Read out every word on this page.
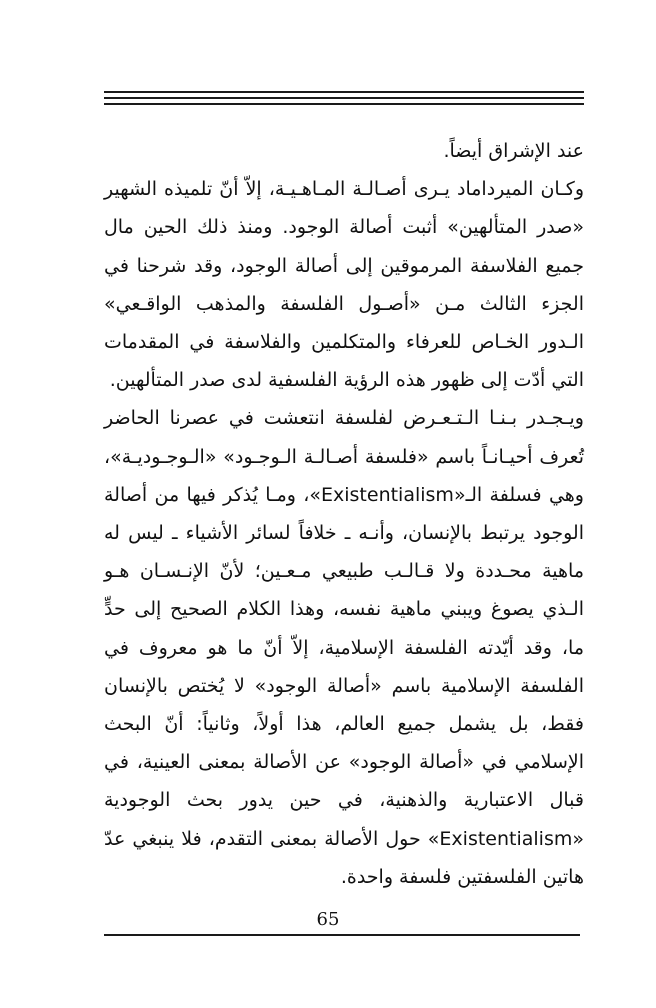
عند الإشراق أيضاً.

وكـان الميرداماد يـرى أصـالـة المـاهـيـة، إلاّ أنّ تلميذه الشهير «صدر المتألهين» أثبت أصالة الوجود. ومنذ ذلك الحين مال جميع الفلاسفة المرموقين إلى أصالة الوجود، وقد شرحنا في الجزء الثالث مـن «أصـول الفلسفة والمذهب الواقـعي» الـدور الخـاص للعرفاء والمتكلمين والفلاسفة في المقدمات التي أدّت إلى ظهور هذه الرؤية الفلسفية لدى صدر المتألهين.

ويـجـدر بـنـا الـتـعـرض لفلسفة انتعشت في عصرنا الحاضر تُعرف أحيـانـاً باسم «فلسفة أصـالـة الـوجـود» «الـوجـوديـة»، وهي فسلفة الـ«Existentialism»، ومـا يُذكر فيها من أصالة الوجود يرتبط بالإنسان، وأنـه ـ خلافاً لسائر الأشياء ـ ليس له ماهية محـددة ولا قـالـب طبيعي مـعـين؛ لأنّ الإنـسـان هـو الـذي يصوغ ويبني ماهية نفسه، وهذا الكلام الصحيح إلى حدٍّ ما، وقد أيّدته الفلسفة الإسلامية، إلاّ أنّ ما هو معروف في الفلسفة الإسلامية باسم «أصالة الوجود» لا يُختص بالإنسان فقط، بل يشمل جميع العالم، هذا أولاً، وثانياً: أنّ البحث الإسلامي في «أصالة الوجود» عن الأصالة بمعنى العينية، في قبال الاعتبارية والذهنية، في حين يدور بحث الوجودية «Existentialism» حول الأصالة بمعنى التقدم، فلا ينبغي عدّ هاتين الفلسفتين فلسفة واحدة.

65
